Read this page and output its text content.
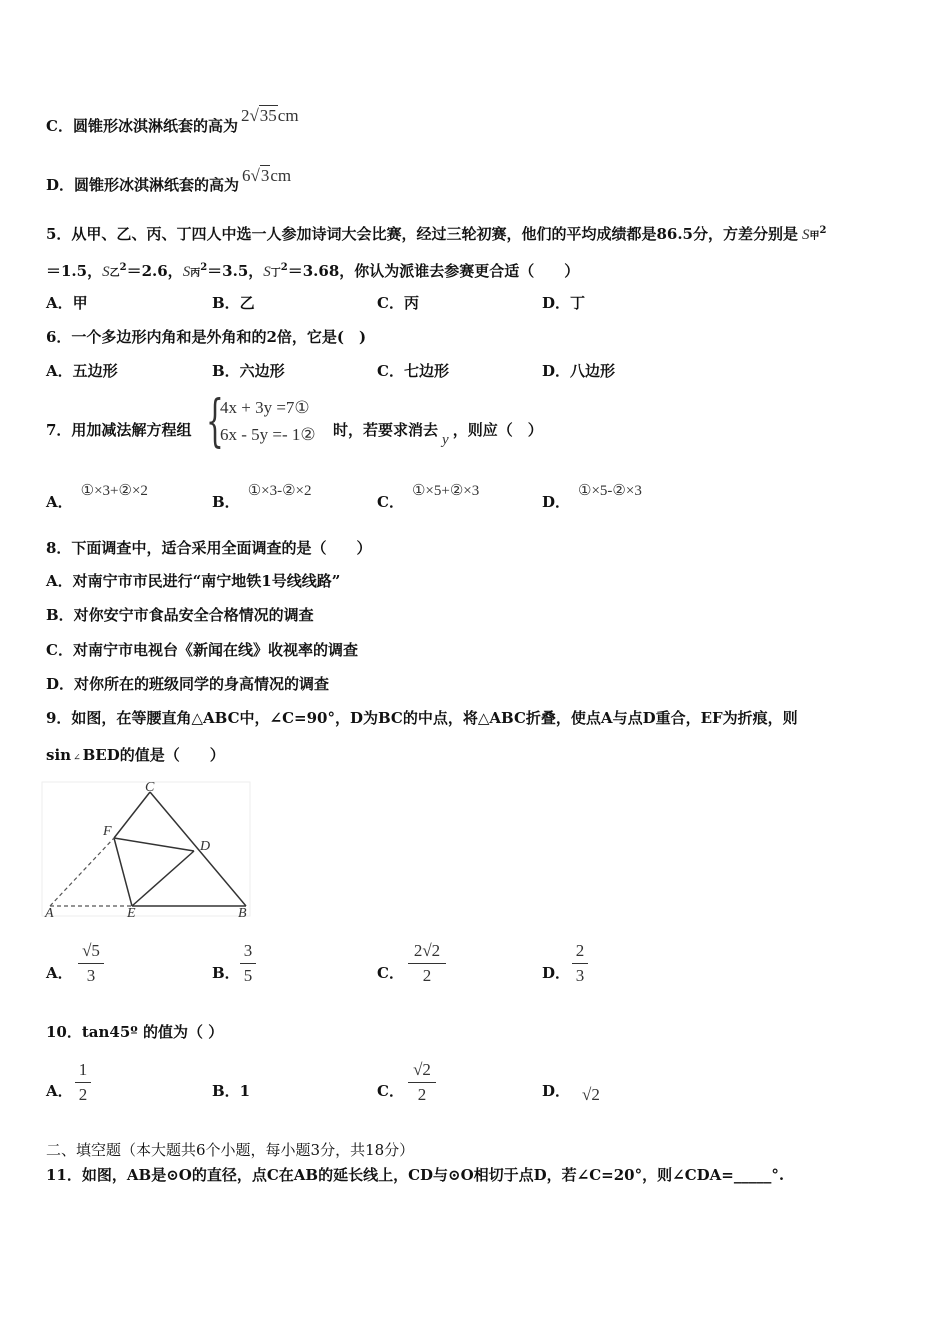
C．圆锥形冰淇淋纸套的高为2√35cm
D．圆锥形冰淇淋纸套的高为 6√3cm
5．从甲、乙、丙、丁四人中选一人参加诗词大会比赛，经过三轮初赛，他们的平均成绩都是86.5分，方差分别是 S甲$^2$
＝1.5，S乙$^2$＝2.6，S丙$^2$＝3.5，S丁$^2$＝3.68，你认为派谁去参赛更合适（　　）
A．甲	B．乙	C．丙	D．丁
6．一个多边形内角和是外角和的2倍，它是(　)
A．五边形	B．六边形	C．七边形	D．八边形
7．用加减法解方程组 {
4x + 3y =7①
6x - 5y =- 1② 时，若要求消去y，则应（　）
A．①×3+②×2
B．①×3-②×2
C．①×5+②×3
D．①×5-②×3
8．下面调查中，适合采用全面调查的是（　　）
A．对南宁市市民进行“南宁地铁1号线线路”
B．对你安宁市食品安全合格情况的调查
C．对南宁市电视台《新闻在线》收视率的调查
D．对你所在的班级同学的身高情况的调查
9．如图，在等腰直角△ABC中，∠C=90°，D为BC的中点，将△ABC折叠，使点A与点D重合，EF为折痕，则
sin ∠ BED的值是（　　）
C
F
D
A	E	B
A．
√5
3	B．
3
5	C．
2√2
2	D．
2
3
10．tan45º 的值为（ ）
A．
1
2	B．1	C．
√2
2	D． √2
二、填空题（本大题共6个小题，每小题3分，共18分）
11．如图，AB是⊙O的直径，点C在AB的延长线上，CD与⊙O相切于点D，若∠C=20°，则∠CDA=_____°.
